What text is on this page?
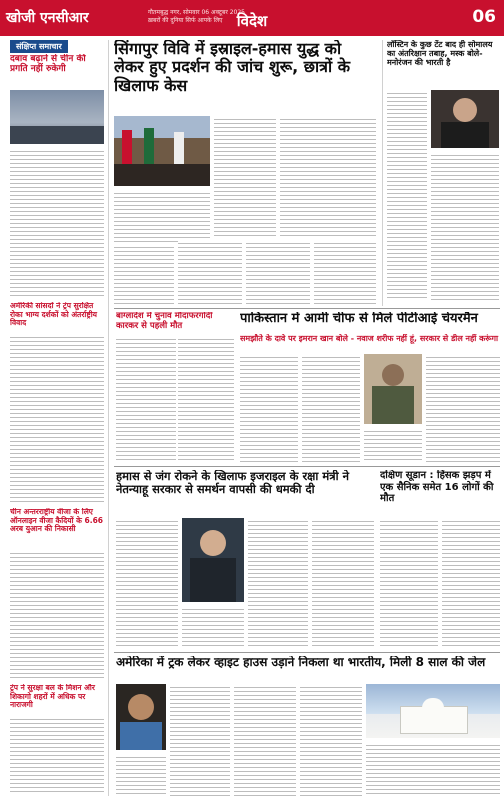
खोजी एनसीआर	गौतमबुद्ध नगर, सोमवार 06 अक्टूबर 2025
ख़बरों की दुनिया सिर्फ आपके लिए विदेश	06
संक्षिप्त समाचार
दबाव बढ़ाने से चीन की प्रगति नहीं रुकेगी
अमेरिकी सांसदों ने ट्रंप सुरक्षित रोका भाग्य दर्शकों को अंतर्राष्ट्रीय विवाद
चीन अन्तरराष्ट्रीय वीजा के लिए ऑनलाइन वीजा कैदियों के 6.66 अरब युआन की निकासी
ट्रंप ने सुरक्षा बल के मिशन और शिकागो शहरों में अधिक पर नाराजगी
सिंगापुर विवि में इस्राइल-हमास युद्ध को लेकर हुए प्रदर्शन की जांच शुरू, छात्रों के खिलाफ केस
लॉस्टिन के कुछ टेंट बाद ही सोमालय का अंतरिक्षान तबाह, मस्क बोले- मनोरंजन की भारती है
बांग्लादेश में चुनाव मौदाफरगोदी कारकर से पहली मौत	पाकिस्तान में आर्मी चीफ से मिले पीटीआई चेयरमैन
समझौते के दावे पर इमरान खान बोले - नवाज शरीफ नहीं हूं, सरकार से डील नहीं करूंगा
हमास से जंग रोकने के खिलाफ इजराइल के रक्षा मंत्री ने नेतन्याहू सरकार से समर्थन वापसी की धमकी दी
दक्षिण सूडान : हिंसक झड़प में एक सैनिक समेत 16 लोगों की मौत
अमेरिका में ट्रक लेकर व्हाइट हाउस उड़ाने निकला था भारतीय, मिली 8 साल की जेल
